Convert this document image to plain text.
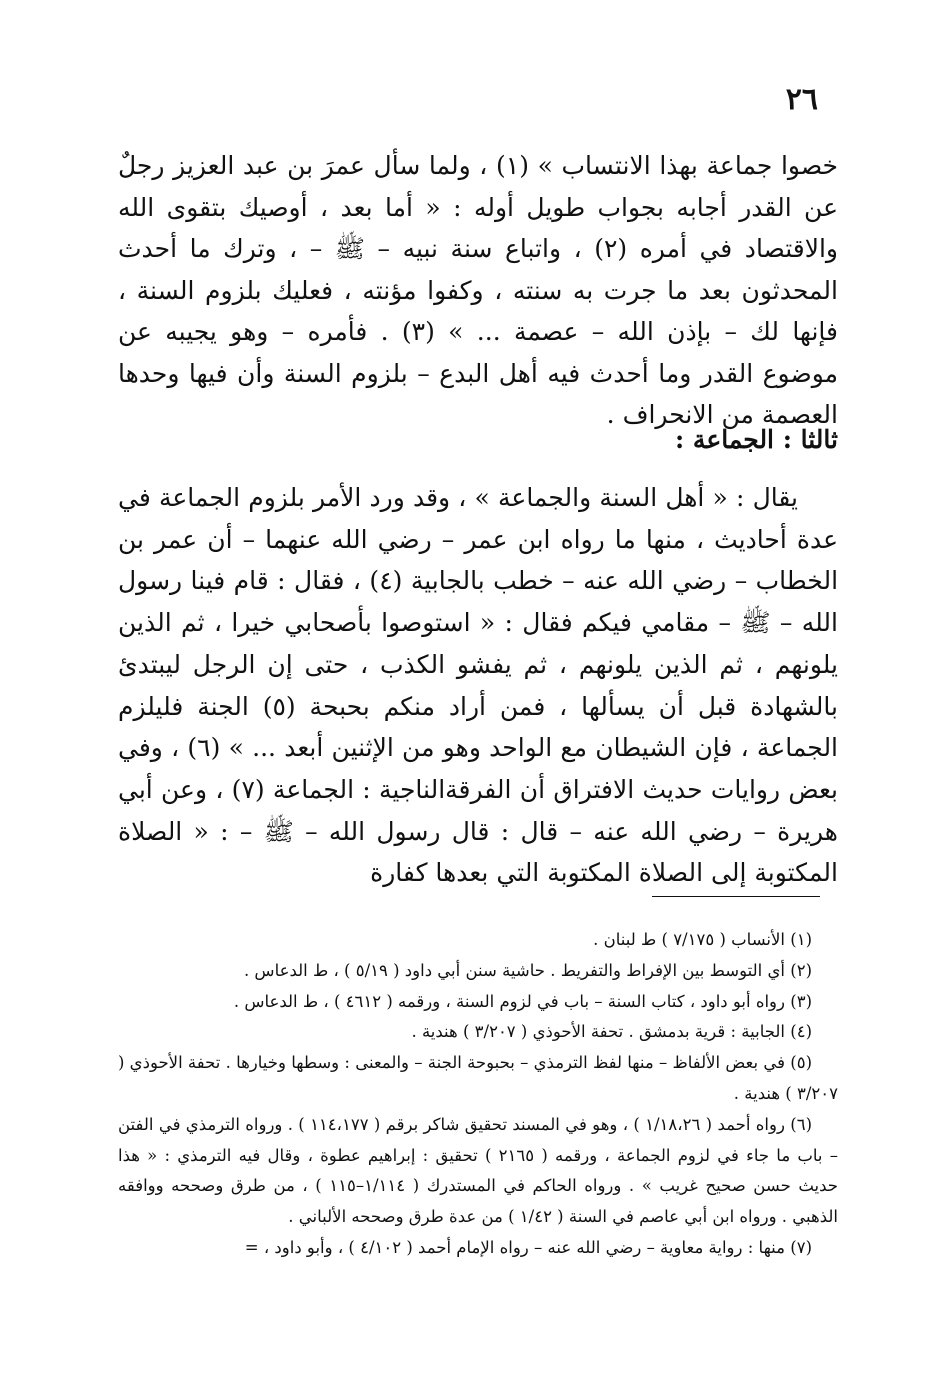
٢٦

خصوا جماعة بهذا الانتساب » (١) ، ولما سأل عمرَ بن عبد العزيز رجلٌ عن القدر أجابه بجواب طويل أوله : « أما بعد ، أوصيك بتقوى الله والاقتصاد في أمره (٢) ، واتباع سنة نبيه – ﷺ – ، وترك ما أحدث المحدثون بعد ما جرت به سنته ، وكفوا مؤنته ، فعليك بلزوم السنة ، فإنها لك – بإذن الله – عصمة ... » (٣) . فأمره – وهو يجيبه عن موضوع القدر وما أحدث فيه أهل البدع – بلزوم السنة وأن فيها وحدها العصمة من الانحراف .

ثالثا : الجماعة :

يقال : « أهل السنة والجماعة » ، وقد ورد الأمر بلزوم الجماعة في عدة أحاديث ، منها ما رواه ابن عمر – رضي الله عنهما – أن عمر بن الخطاب – رضي الله عنه – خطب بالجابية (٤) ، فقال : قام فينا رسول الله – ﷺ – مقامي فيكم فقال : « استوصوا بأصحابي خيرا ، ثم الذين يلونهم ، ثم الذين يلونهم ، ثم يفشو الكذب ، حتى إن الرجل ليبتدئ بالشهادة قبل أن يسألها ، فمن أراد منكم بحبحة (٥) الجنة فليلزم الجماعة ، فإن الشيطان مع الواحد وهو من الإثنين أبعد ... » (٦) ، وفي بعض روايات حديث الافتراق أن الفرقةالناجية : الجماعة (٧) ، وعن أبي هريرة – رضي الله عنه – قال : قال رسول الله – ﷺ – : « الصلاة المكتوبة إلى الصلاة المكتوبة التي بعدها كفارة

(١) الأنساب ( ٧/١٧٥ ) ط لبنان .

(٢) أي التوسط بين الإفراط والتفريط . حاشية سنن أبي داود ( ٥/١٩ ) ، ط الدعاس .

(٣) رواه أبو داود ، كتاب السنة – باب في لزوم السنة ، ورقمه ( ٤٦١٢ ) ، ط الدعاس .

(٤) الجابية : قرية بدمشق . تحفة الأحوذي ( ٣/٢٠٧ ) هندية .

(٥) في بعض الألفاظ – منها لفظ الترمذي – بحبوحة الجنة – والمعنى : وسطها وخيارها . تحفة الأحوذي ( ٣/٢٠٧ ) هندية .

(٦) رواه أحمد ( ١/١٨،٢٦ ) ، وهو في المسند تحقيق شاكر برقم ( ١١٤،١٧٧ ) . ورواه الترمذي في الفتن – باب ما جاء في لزوم الجماعة ، ورقمه ( ٢١٦٥ ) تحقيق : إبراهيم عطوة ، وقال فيه الترمذي : « هذا حديث حسن صحيح غريب » . ورواه الحاكم في المستدرك ( ١/١١٤–١١٥ ) ، من طرق وصححه ووافقه الذهبي . ورواه ابن أبي عاصم في السنة ( ١/٤٢ ) من عدة طرق وصححه الألباني .

(٧) منها : رواية معاوية – رضي الله عنه – رواه الإمام أحمد ( ٤/١٠٢ ) ، وأبو داود ، =
